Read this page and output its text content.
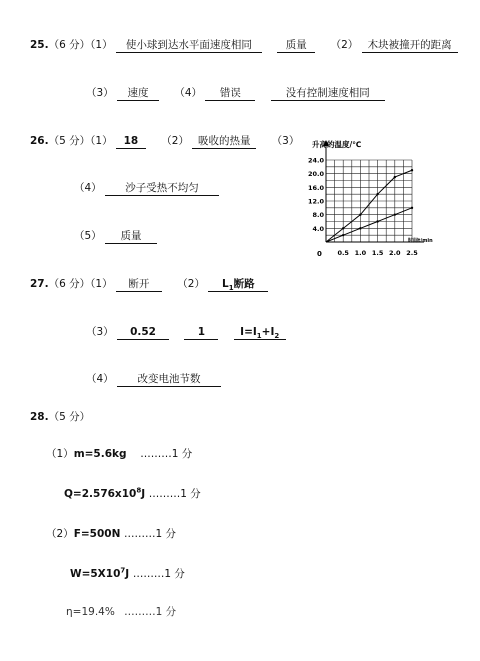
25.（6 分）（1） 使小球到达水平面速度相同	质量 （2） 木块被撞开的距离
（3） 速度 （4） 错误	没有控制速度相同
26.（5 分）（1） 18 （2） 吸收的热量 （3）
（4） 沙子受热不均匀
（5） 质量
24.0
20.0
16.0
12.0
8.0
4.0
0.5 1.0 1.5 2.0 2.5
升高的温度/℃
时间t/min
0
27.（6 分）（1） 断开	（2） $L_1$断路
（3） 0.52	1	$I=I_1+I_2$
（4） 改变电池节数
28.（5 分）
（1）m=5.6kg ………1 分
$Q=2.576x10^8J$ ………1 分
（2）F=500N ………1 分
$W=5X10^7J$ ………1 分
η=19.4% ………1 分
